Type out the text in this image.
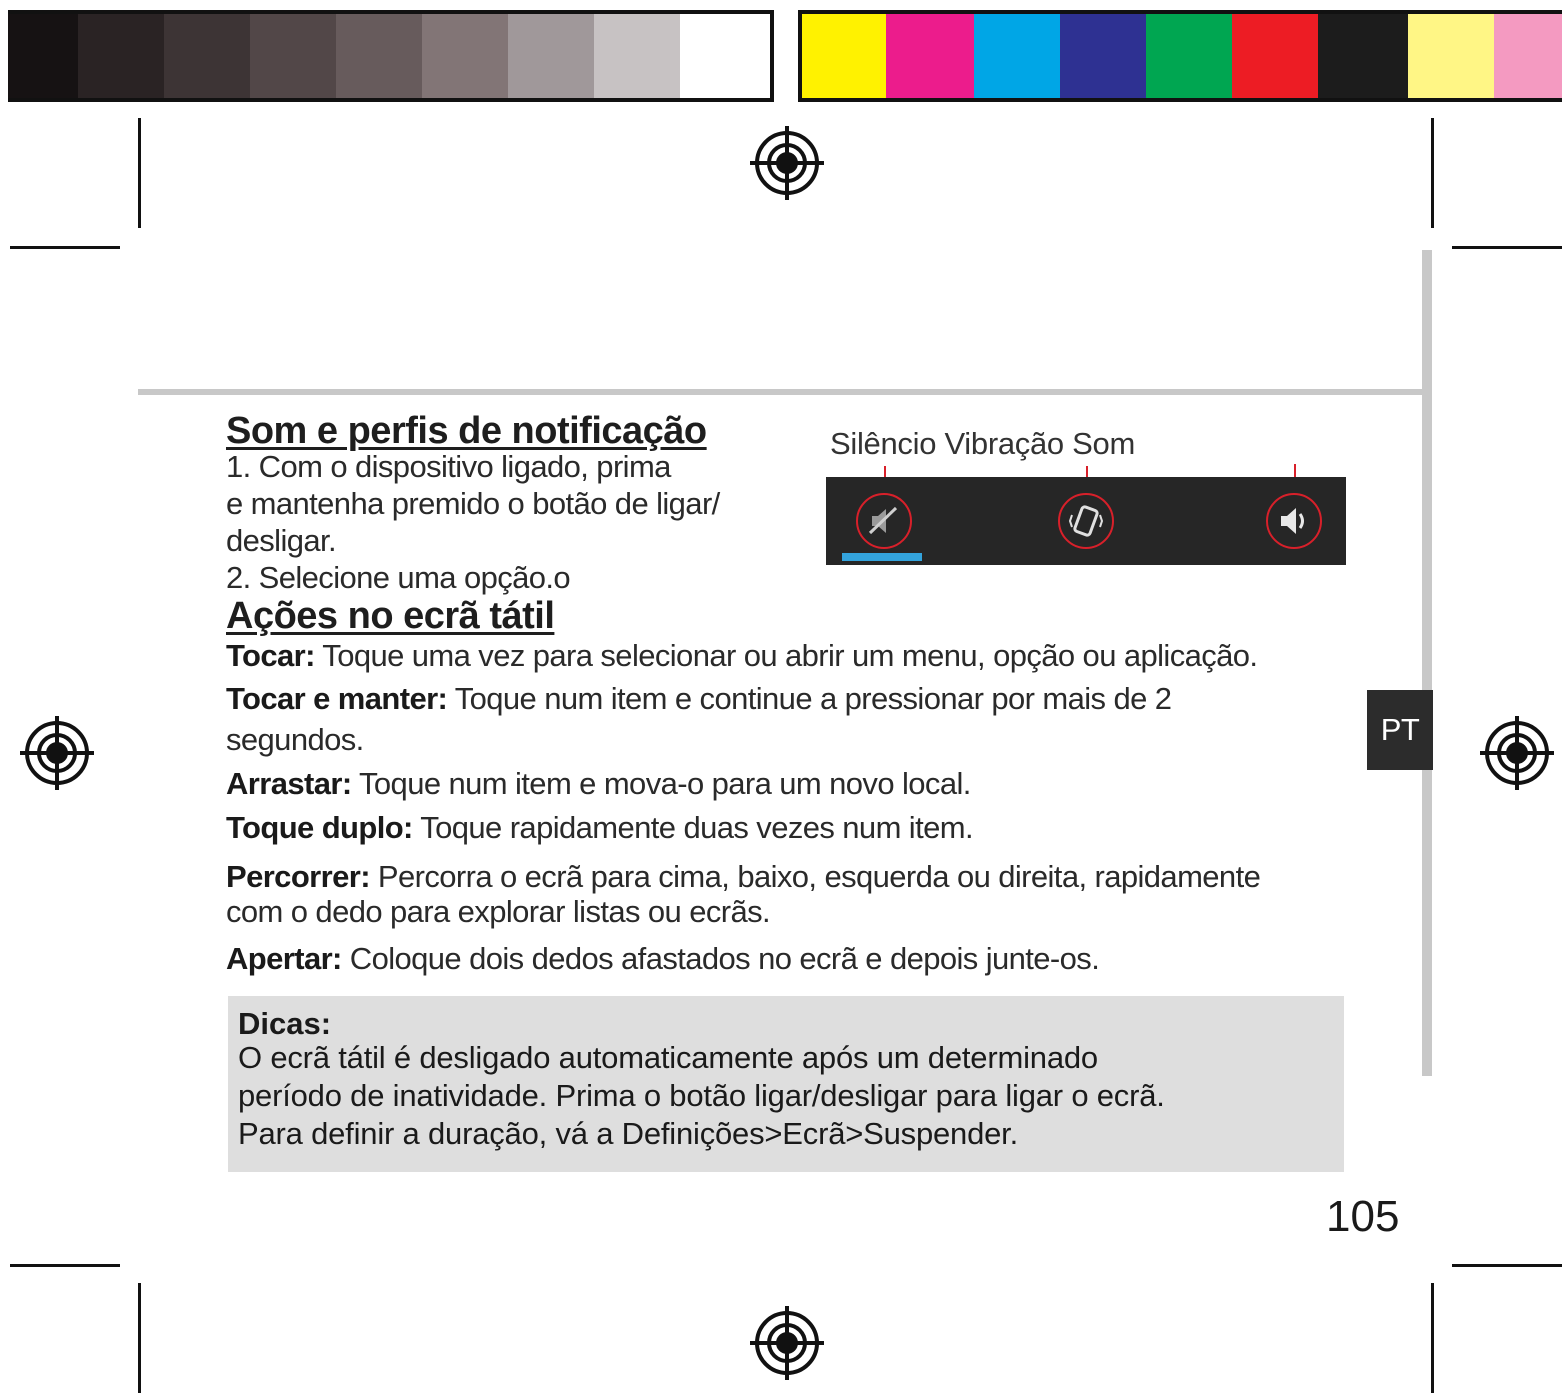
Som e perfis de notificação
1. Com o dispositivo ligado, prima
e mantenha premido o botão de ligar/
desligar.
2. Selecione uma opção.o
Silêncio Vibração Som
Ações no ecrã tátil
Tocar: Toque uma vez para selecionar ou abrir um menu, opção ou aplicação.
Tocar e manter: Toque num item e continue a pressionar por mais de 2
segundos.
Arrastar: Toque num item e mova-o para um novo local.
Toque duplo: Toque rapidamente duas vezes num item.
Percorrer: Percorra o ecrã para cima, baixo, esquerda ou direita, rapidamente
com o dedo para explorar listas ou ecrãs.
Apertar: Coloque dois dedos afastados no ecrã e depois junte-os.
PT
Dicas:
O ecrã tátil é desligado automaticamente após um determinado
período de inatividade. Prima o botão ligar/desligar para ligar o ecrã.
Para definir a duração, vá a Definições>Ecrã>Suspender.
105
